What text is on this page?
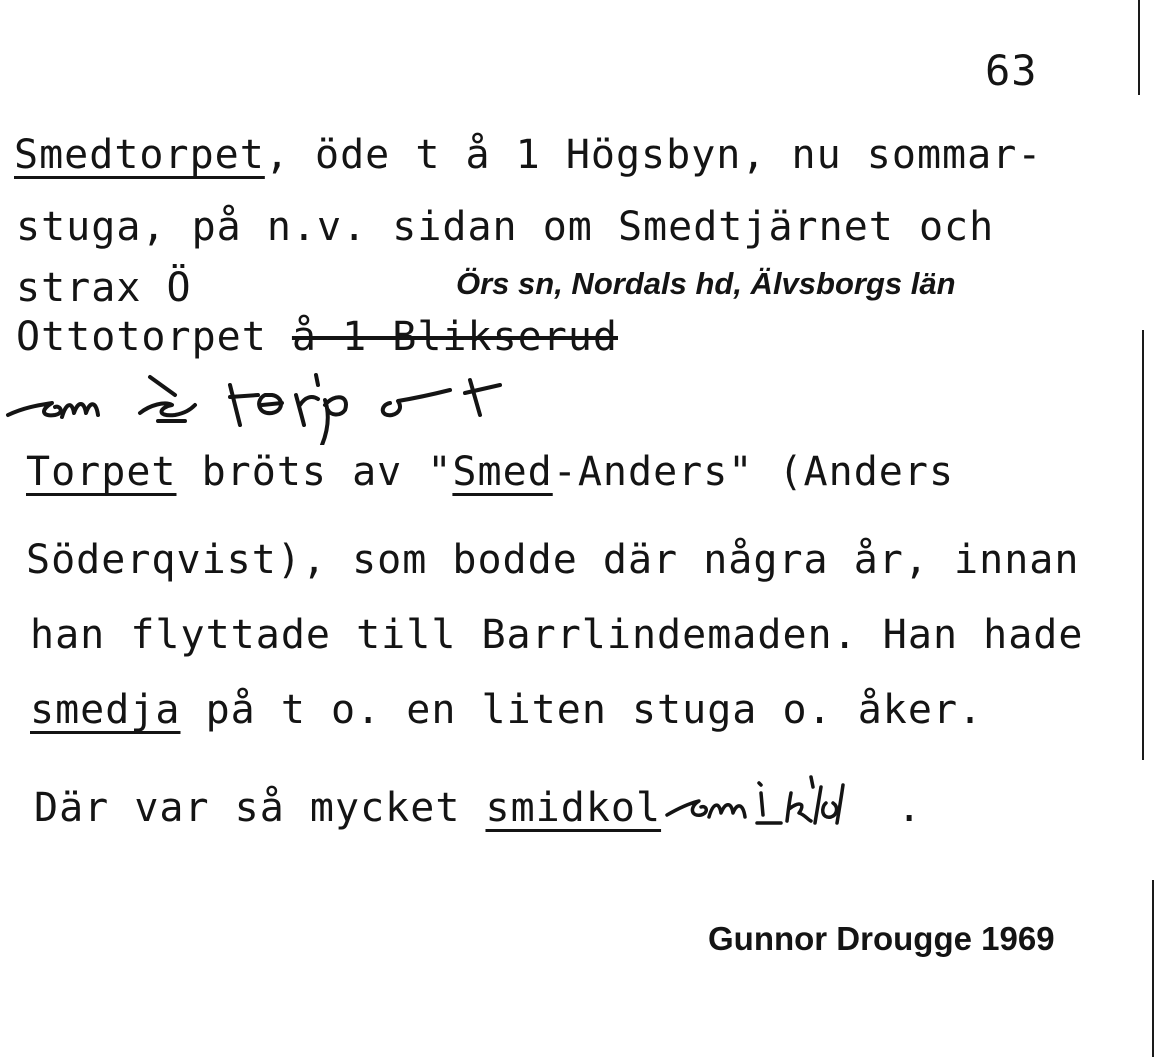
63
Smedtorpet, öde t å 1 Högsbyn, nu sommar-
stuga, på n.v. sidan om Smedtjärnet och
strax Ö	Örs sn, Nordals hd, Älvsborgs län
Ottotorpet å 1 Blikserud
Torpet bröts av "Smed-Anders" (Anders
Söderqvist), som bodde där några år, innan
han flyttade till Barrlindemaden. Han hade
smedja på t o. en liten stuga o. åker.
Där var så mycket smidkol	.
Gunnor Drougge 1969
